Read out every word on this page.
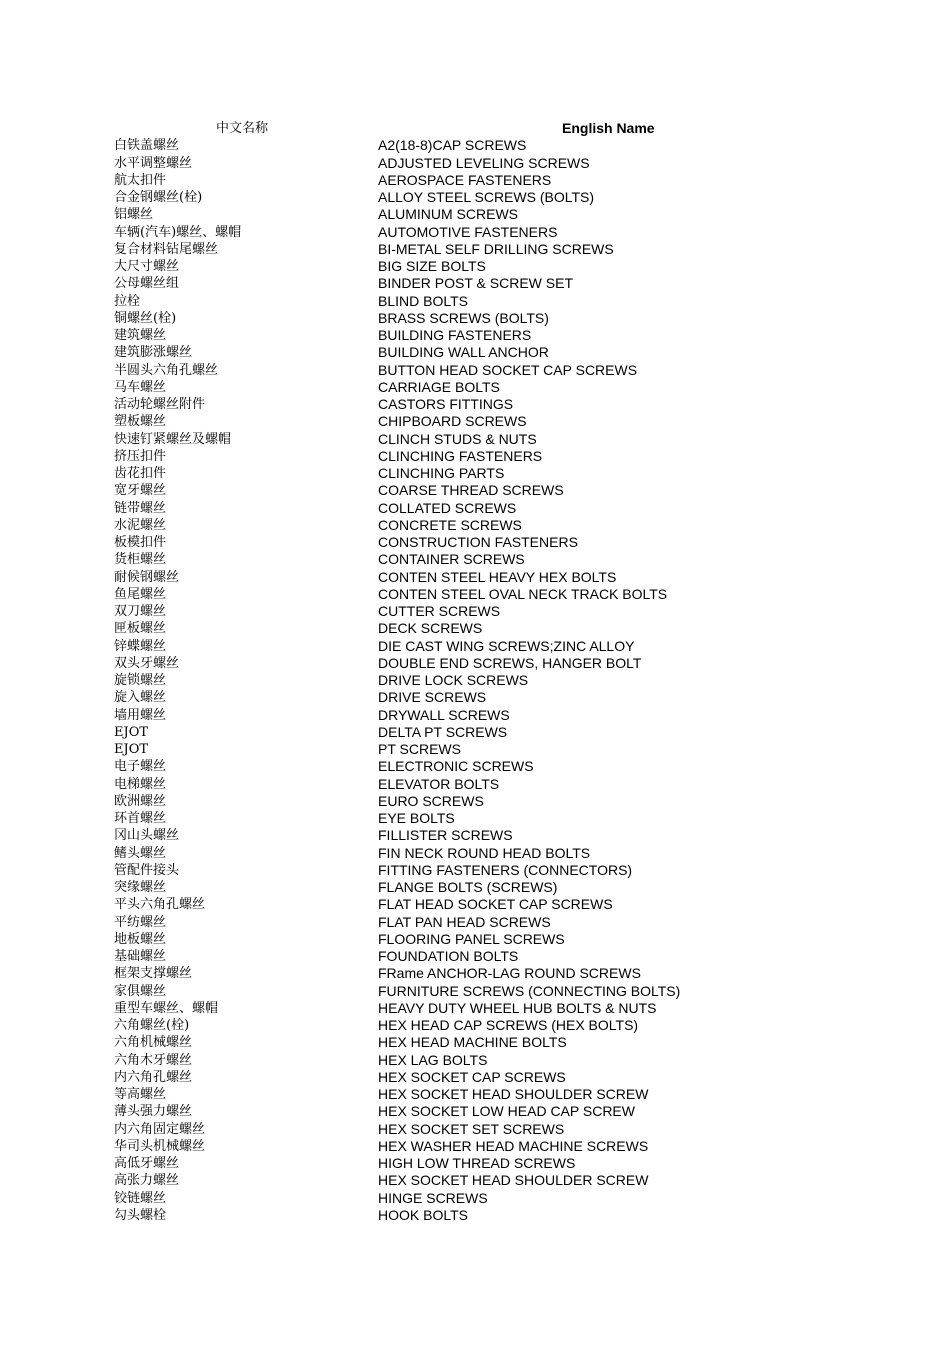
中文名称	English Name
白铁盖螺丝	A2(18-8)CAP SCREWS
水平调整螺丝	ADJUSTED LEVELING SCREWS
航太扣件	AEROSPACE FASTENERS
合金钢螺丝(栓)	ALLOY STEEL SCREWS (BOLTS)
铝螺丝	ALUMINUM SCREWS
车辆(汽车)螺丝、螺帽	AUTOMOTIVE FASTENERS
复合材料钻尾螺丝	BI-METAL SELF DRILLING SCREWS
大尺寸螺丝	BIG SIZE BOLTS
公母螺丝组	BINDER POST & SCREW SET
拉栓	BLIND BOLTS
铜螺丝(栓)	BRASS SCREWS (BOLTS)
建筑螺丝	BUILDING FASTENERS
建筑膨涨螺丝	BUILDING WALL ANCHOR
半圆头六角孔螺丝	BUTTON HEAD SOCKET CAP SCREWS
马车螺丝	CARRIAGE BOLTS
活动轮螺丝附件	CASTORS FITTINGS
塑板螺丝	CHIPBOARD SCREWS
快速钉紧螺丝及螺帽	CLINCH STUDS & NUTS
挤压扣件	CLINCHING FASTENERS
齿花扣件	CLINCHING PARTS
宽牙螺丝	COARSE THREAD SCREWS
链带螺丝	COLLATED SCREWS
水泥螺丝	CONCRETE SCREWS
板模扣件	CONSTRUCTION FASTENERS
货柜螺丝	CONTAINER SCREWS
耐候钢螺丝	CONTEN STEEL HEAVY HEX BOLTS
鱼尾螺丝	CONTEN STEEL OVAL NECK TRACK BOLTS
双刀螺丝	CUTTER SCREWS
匣板螺丝	DECK SCREWS
锌蝶螺丝	DIE CAST WING SCREWS;ZINC ALLOY
双头牙螺丝	DOUBLE END SCREWS, HANGER BOLT
旋锁螺丝	DRIVE LOCK SCREWS
旋入螺丝	DRIVE SCREWS
墙用螺丝	DRYWALL SCREWS
EJOT	DELTA PT SCREWS
EJOT	PT SCREWS
电子螺丝	ELECTRONIC SCREWS
电梯螺丝	ELEVATOR BOLTS
欧洲螺丝	EURO SCREWS
环首螺丝	EYE BOLTS
冈山头螺丝	FILLISTER SCREWS
鳍头螺丝	FIN NECK ROUND HEAD BOLTS
管配件接头	FITTING FASTENERS (CONNECTORS)
突缘螺丝	FLANGE BOLTS (SCREWS)
平头六角孔螺丝	FLAT HEAD SOCKET CAP SCREWS
平纺螺丝	FLAT PAN HEAD SCREWS
地板螺丝	FLOORING PANEL SCREWS
基础螺丝	FOUNDATION BOLTS
框架支撑螺丝	FRame ANCHOR-LAG ROUND SCREWS
家俱螺丝	FURNITURE SCREWS (CONNECTING BOLTS)
重型车螺丝、螺帽	HEAVY DUTY WHEEL HUB BOLTS & NUTS
六角螺丝(栓)	HEX HEAD CAP SCREWS (HEX BOLTS)
六角机械螺丝	HEX HEAD MACHINE BOLTS
六角木牙螺丝	HEX LAG BOLTS
内六角孔螺丝	HEX SOCKET CAP SCREWS
等高螺丝	HEX SOCKET HEAD SHOULDER SCREW
薄头强力螺丝	HEX SOCKET LOW HEAD CAP SCREW
内六角固定螺丝	HEX SOCKET SET SCREWS
华司头机械螺丝	HEX WASHER HEAD MACHINE SCREWS
高低牙螺丝	HIGH LOW THREAD SCREWS
高张力螺丝	HEX SOCKET HEAD SHOULDER SCREW
铰链螺丝	HINGE SCREWS
勾头螺栓	HOOK BOLTS
